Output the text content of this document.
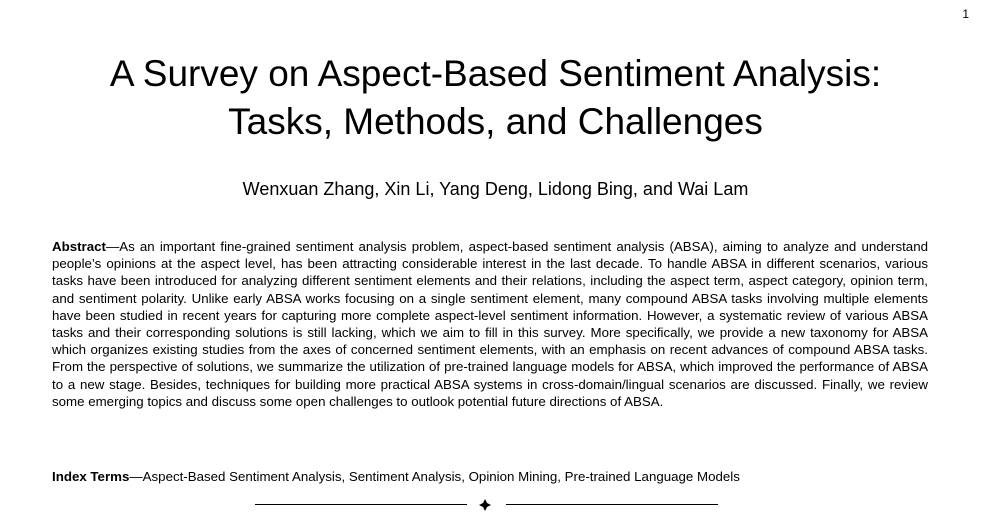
1
A Survey on Aspect-Based Sentiment Analysis:
Tasks, Methods, and Challenges
Wenxuan Zhang, Xin Li, Yang Deng, Lidong Bing, and Wai Lam

Abstract—As an important fine-grained sentiment analysis problem, aspect-based sentiment analysis (ABSA), aiming to analyze and understand people’s opinions at the aspect level, has been attracting considerable interest in the last decade. To handle ABSA in different scenarios, various tasks have been introduced for analyzing different sentiment elements and their relations, including the aspect term, aspect category, opinion term, and sentiment polarity. Unlike early ABSA works focusing on a single sentiment element, many compound ABSA tasks involving multiple elements have been studied in recent years for capturing more complete aspect-level sentiment information. However, a systematic review of various ABSA tasks and their corresponding solutions is still lacking, which we aim to fill in this survey. More specifically, we provide a new taxonomy for ABSA which organizes existing studies from the axes of concerned sentiment elements, with an emphasis on recent advances of compound ABSA tasks. From the perspective of solutions, we summarize the utilization of pre-trained language models for ABSA, which improved the performance of ABSA to a new stage. Besides, techniques for building more practical ABSA systems in cross-domain/lingual scenarios are discussed. Finally, we review some emerging topics and discuss some open challenges to outlook potential future directions of ABSA.

Index Terms—Aspect-Based Sentiment Analysis, Sentiment Analysis, Opinion Mining, Pre-trained Language Models
